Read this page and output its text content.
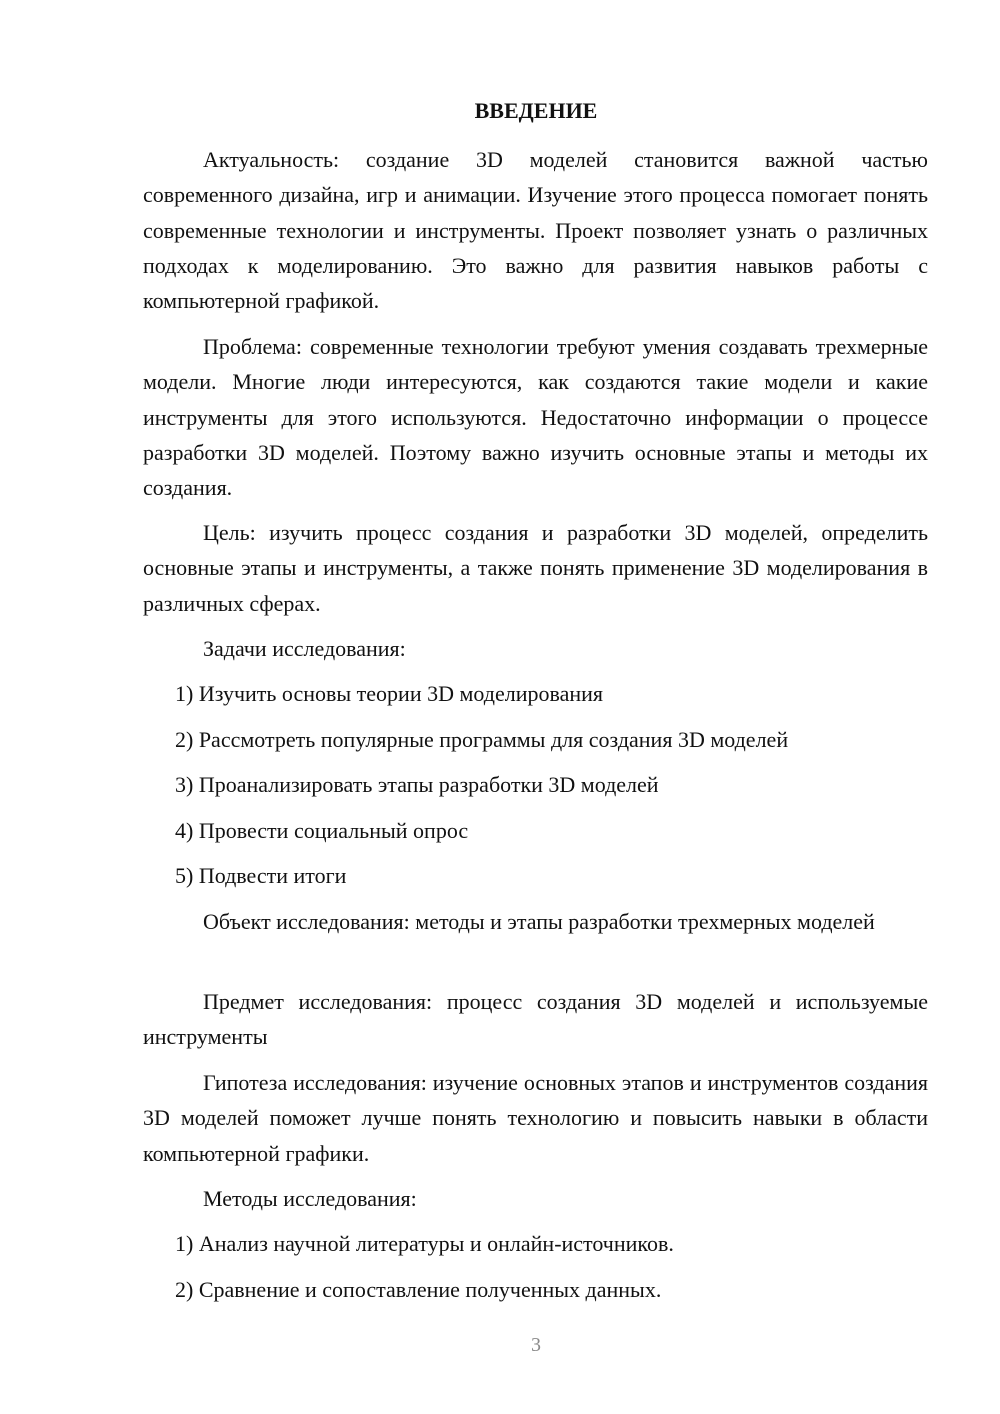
ВВЕДЕНИЕ

Актуальность: создание 3D моделей становится важной частью современного дизайна, игр и анимации. Изучение этого процесса помогает понять современные технологии и инструменты. Проект позволяет узнать о различных подходах к моделированию. Это важно для развития навыков работы с компьютерной графикой.

Проблема: современные технологии требуют умения создавать трехмерные модели. Многие люди интересуются, как создаются такие модели и какие инструменты для этого используются. Недостаточно информации о процессе разработки 3D моделей. Поэтому важно изучить основные этапы и методы их создания.

Цель: изучить процесс создания и разработки 3D моделей, определить основные этапы и инструменты, а также понять применение 3D моделирования в различных сферах.

Задачи исследования:

1) Изучить основы теории 3D моделирования

2) Рассмотреть популярные программы для создания 3D моделей

3) Проанализировать этапы разработки 3D моделей

4) Провести социальный опрос

5) Подвести итоги

Объект исследования: методы и этапы разработки трехмерных моделей

Предмет исследования: процесс создания 3D моделей и используемые инструменты

Гипотеза исследования: изучение основных этапов и инструментов создания 3D моделей поможет лучше понять технологию и повысить навыки в области компьютерной графики.

Методы исследования:

1) Анализ научной литературы и онлайн-источников.

2) Сравнение и сопоставление полученных данных.

3
